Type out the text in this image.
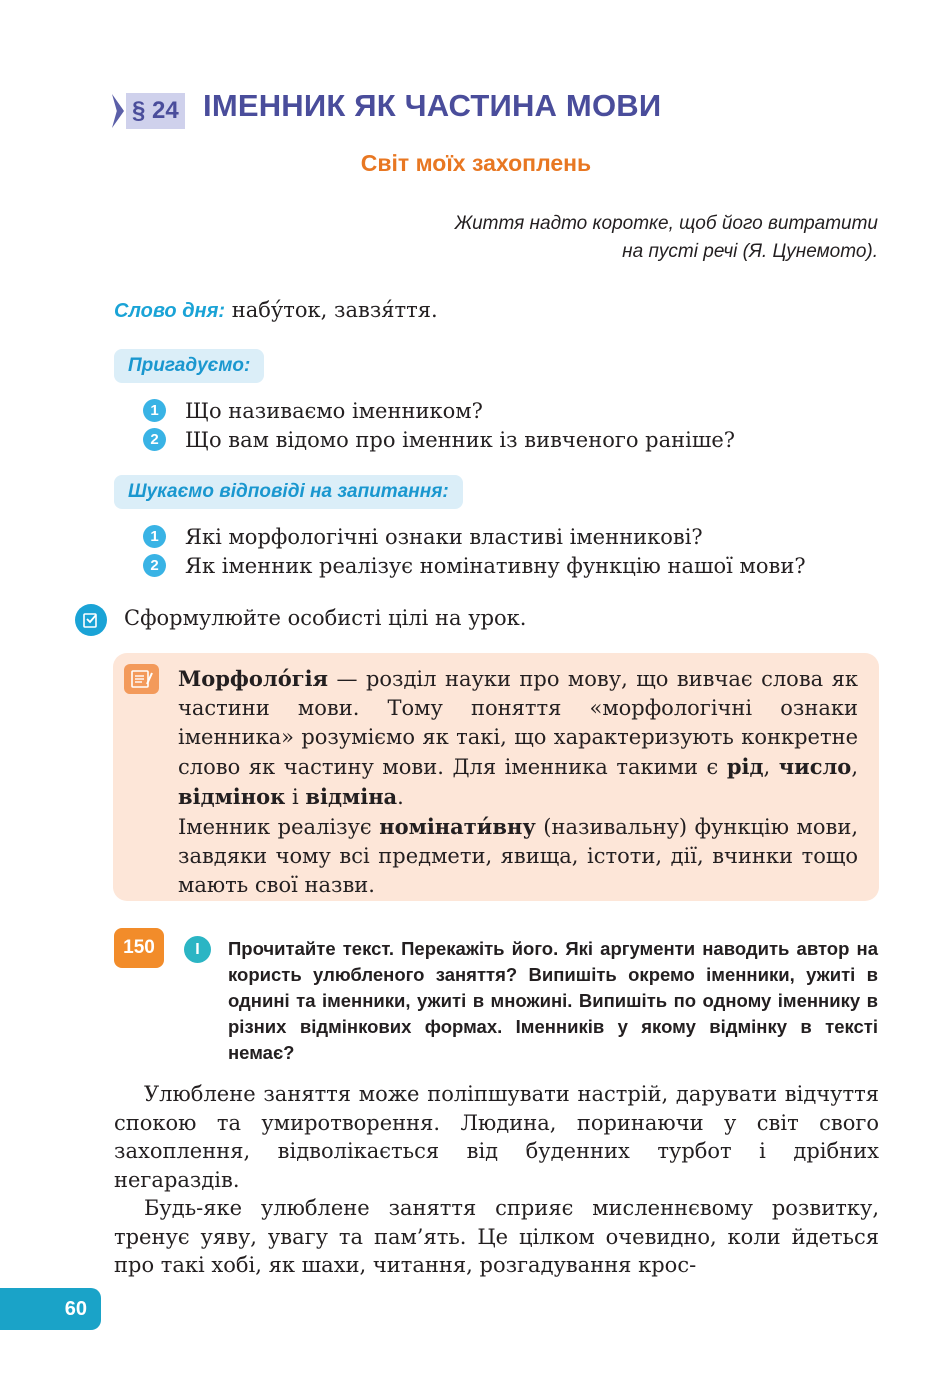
§ 24 ІМЕННИК ЯК ЧАСТИНА МОВИ
Світ моїх захоплень
Життя надто коротке, щоб його витратити
на пусті речі (Я. Цунемото).
Слово дня: набу́ток, завзя́ття.
Пригадуємо:
1	Що називаємо іменником?
2	Що вам відомо про іменник із вивченого раніше?
Шукаємо відповіді на запитання:
1	Які морфологічні ознаки властиві іменникові?
2	Як іменник реалізує номінативну функцію нашої мови?
Сформулюйте особисті цілі на урок.

Морфоло́гія — розділ науки про мову, що вивчає слова як частини мови. Тому поняття «морфологічні ознаки іменника» розуміємо як такі, що характеризують конкретне слово як частину мови. Для іменника такими є рід, число, відмінок і відміна.

Іменник реалізує номінати́вну (називальну) функцію мови, завдяки чому всі предмети, явища, істоти, дії, вчинки тощо мають свої назви.

150	I	Прочитайте текст. Перекажіть його. Які аргументи наводить автор на користь улюбленого заняття? Випишіть окремо іменники, ужиті в однині та іменники, ужиті в множині. Випишіть по одному іменнику в різних відмінкових формах. Іменників у якому відмінку в тексті немає?

Улюблене заняття може поліпшувати настрій, дарувати відчуття спокою та умиротворення. Людина, поринаючи у світ свого захоплення, відволікається від буденних турбот і дрібних негараздів.

Будь-яке улюблене заняття сприяє мисленнєвому розвитку, тренує уяву, увагу та пам’ять. Це цілком очевидно, коли йдеться про такі хобі, як шахи, читання, розгадування крос-

60
